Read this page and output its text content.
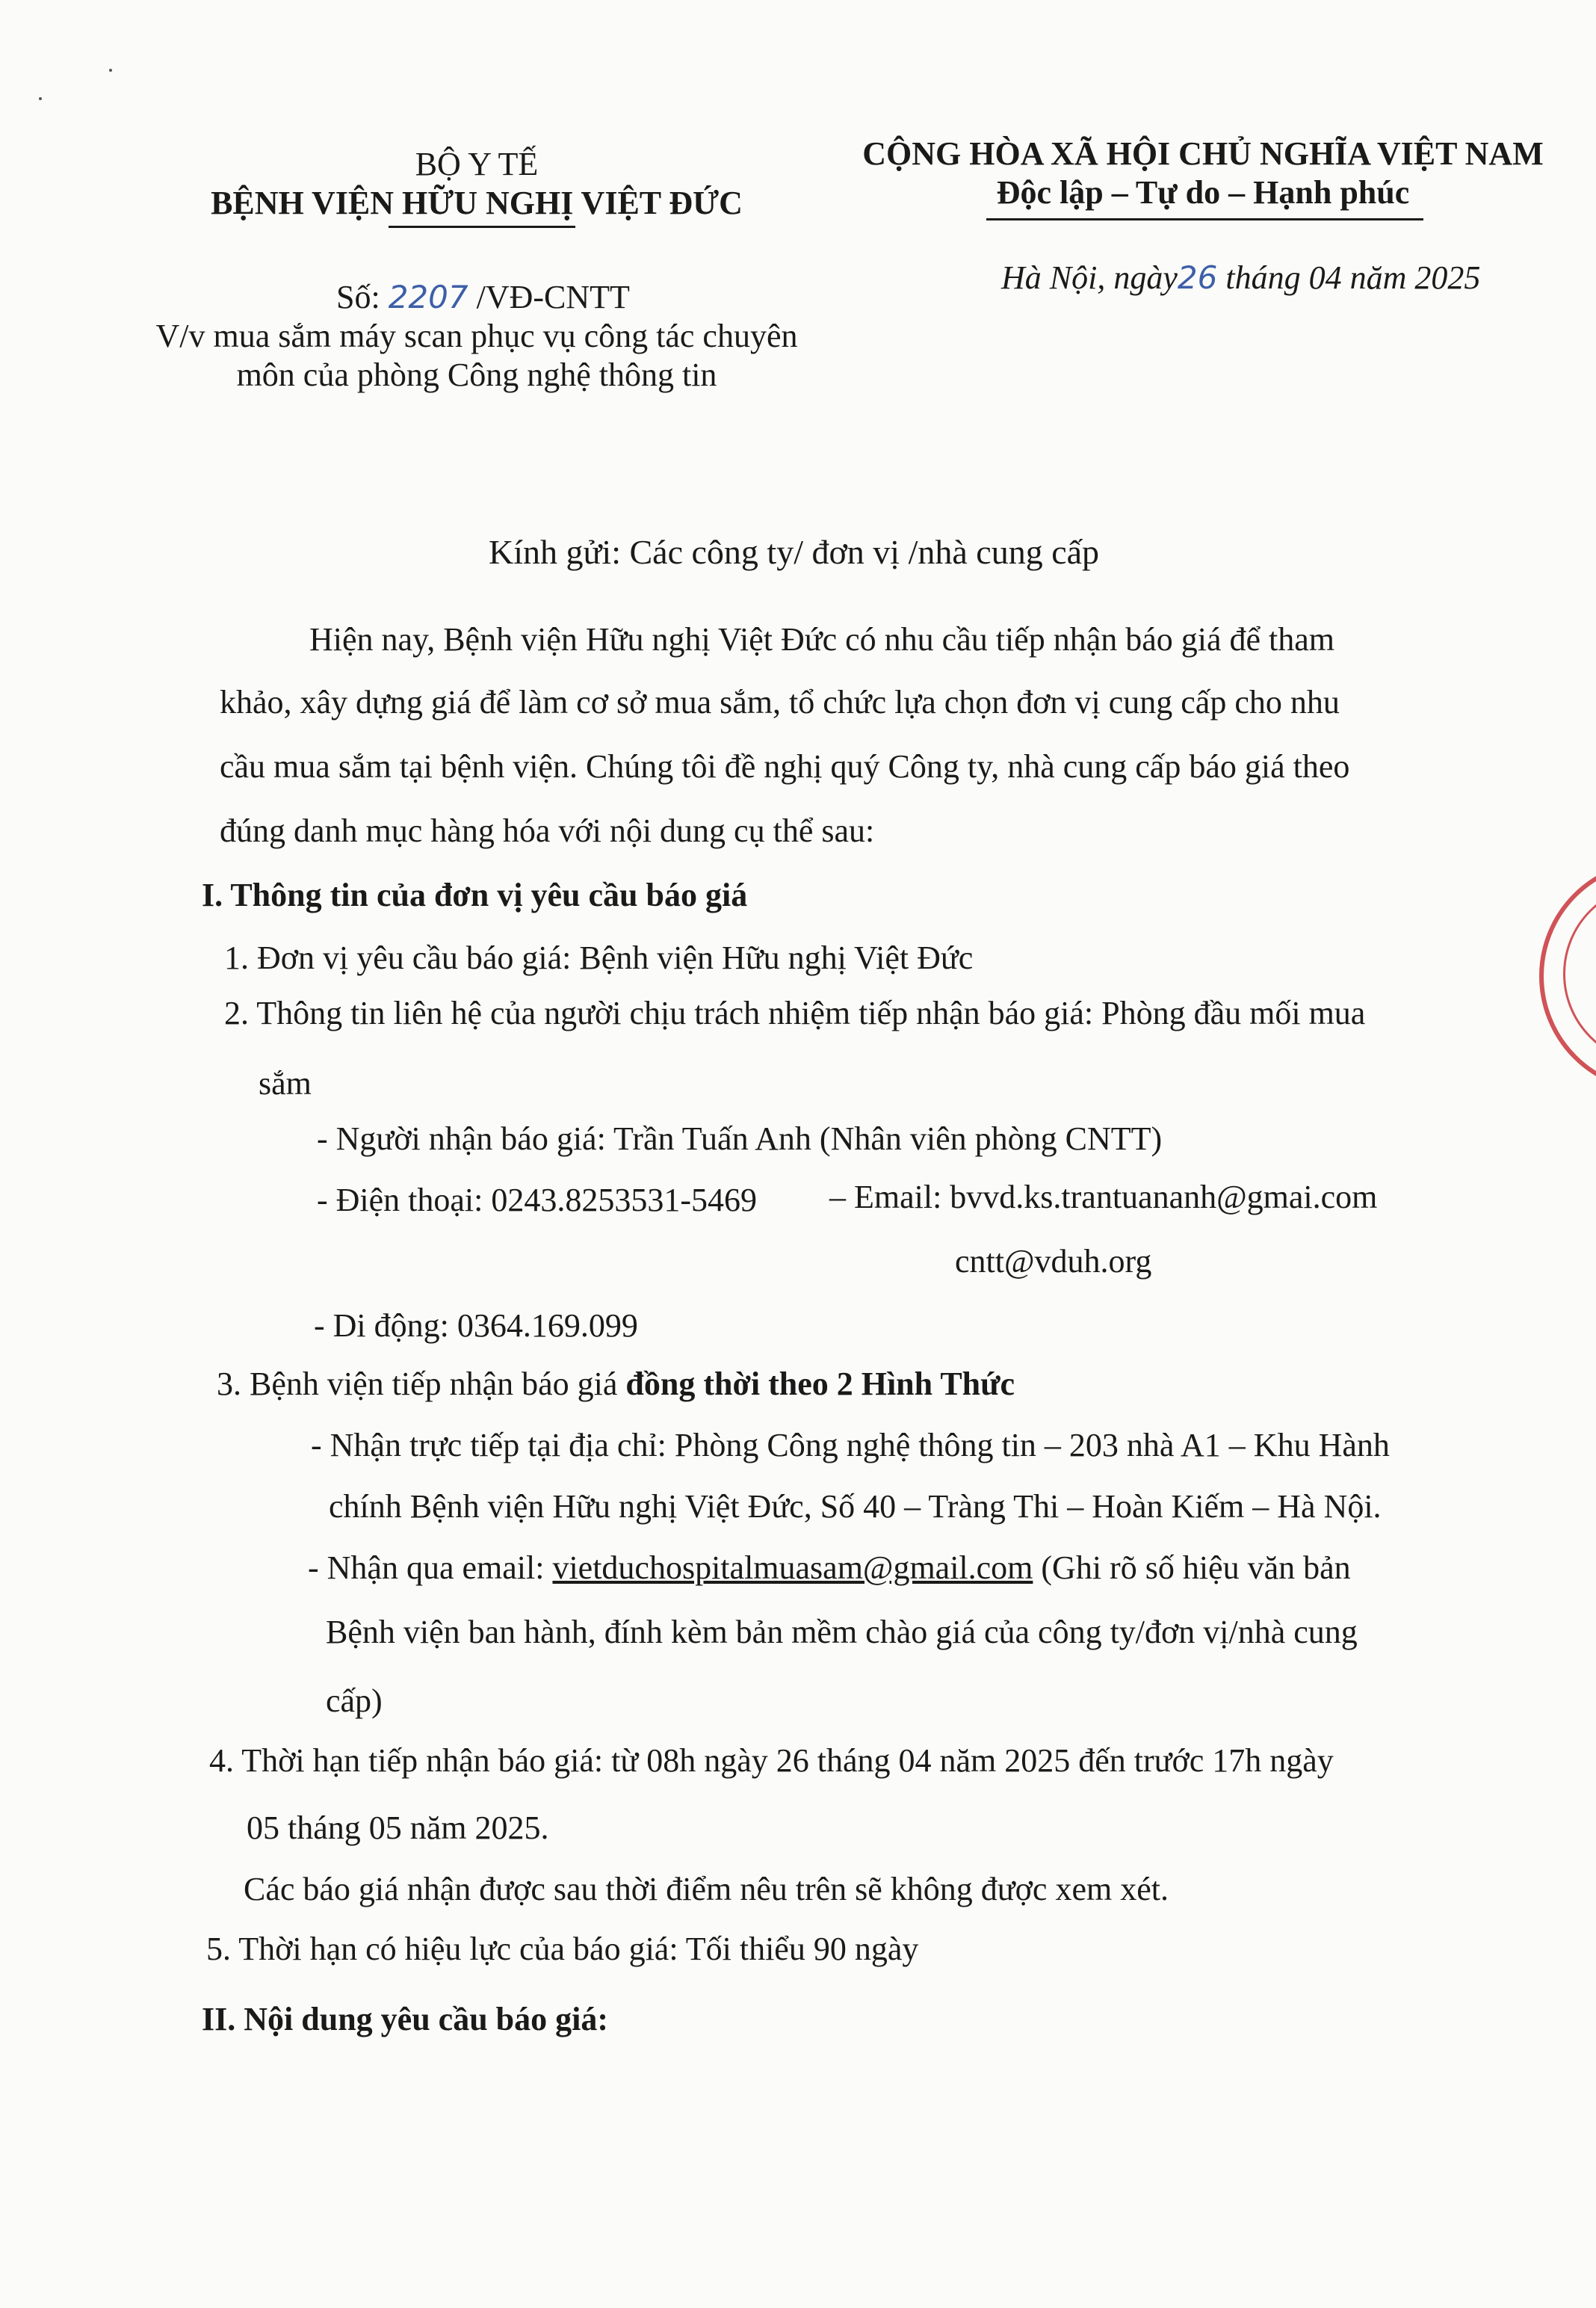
BỘ Y TẾ
BỆNH VIỆN HỮU NGHỊ VIỆT ĐỨC
Số: 2207 /VĐ-CNTT
V/v mua sắm máy scan phục vụ công tác chuyên
môn của phòng Công nghệ thông tin
CỘNG HÒA XÃ HỘI CHỦ NGHĨA VIỆT NAM
Độc lập – Tự do – Hạnh phúc
Hà Nội, ngày26 tháng 04 năm 2025
Kính gửi: Các công ty/ đơn vị /nhà cung cấp
Hiện nay, Bệnh viện Hữu nghị Việt Đức có nhu cầu tiếp nhận báo giá để tham
khảo, xây dựng giá để làm cơ sở mua sắm, tổ chức lựa chọn đơn vị cung cấp cho nhu
cầu mua sắm tại bệnh viện. Chúng tôi đề nghị quý Công ty, nhà cung cấp báo giá theo
đúng danh mục hàng hóa với nội dung cụ thể sau:
I. Thông tin của đơn vị yêu cầu báo giá
1. Đơn vị yêu cầu báo giá: Bệnh viện Hữu nghị Việt Đức
2. Thông tin liên hệ của người chịu trách nhiệm tiếp nhận báo giá: Phòng đầu mối mua
sắm
- Người nhận báo giá: Trần Tuấn Anh (Nhân viên phòng CNTT)
- Điện thoại: 0243.8253531-5469 – Email: bvvd.ks.trantuananh@gmai.com
cntt@vduh.org
- Di động: 0364.169.099
3. Bệnh viện tiếp nhận báo giá đồng thời theo 2 Hình Thức
- Nhận trực tiếp tại địa chỉ: Phòng Công nghệ thông tin – 203 nhà A1 – Khu Hành
chính Bệnh viện Hữu nghị Việt Đức, Số 40 – Tràng Thi – Hoàn Kiếm – Hà Nội.
- Nhận qua email: vietduchospitalmuasam@gmail.com (Ghi rõ số hiệu văn bản
Bệnh viện ban hành, đính kèm bản mềm chào giá của công ty/đơn vị/nhà cung
cấp)
4. Thời hạn tiếp nhận báo giá: từ 08h ngày 26 tháng 04 năm 2025 đến trước 17h ngày
05 tháng 05 năm 2025.
Các báo giá nhận được sau thời điểm nêu trên sẽ không được xem xét.
5. Thời hạn có hiệu lực của báo giá: Tối thiểu 90 ngày
II. Nội dung yêu cầu báo giá:
